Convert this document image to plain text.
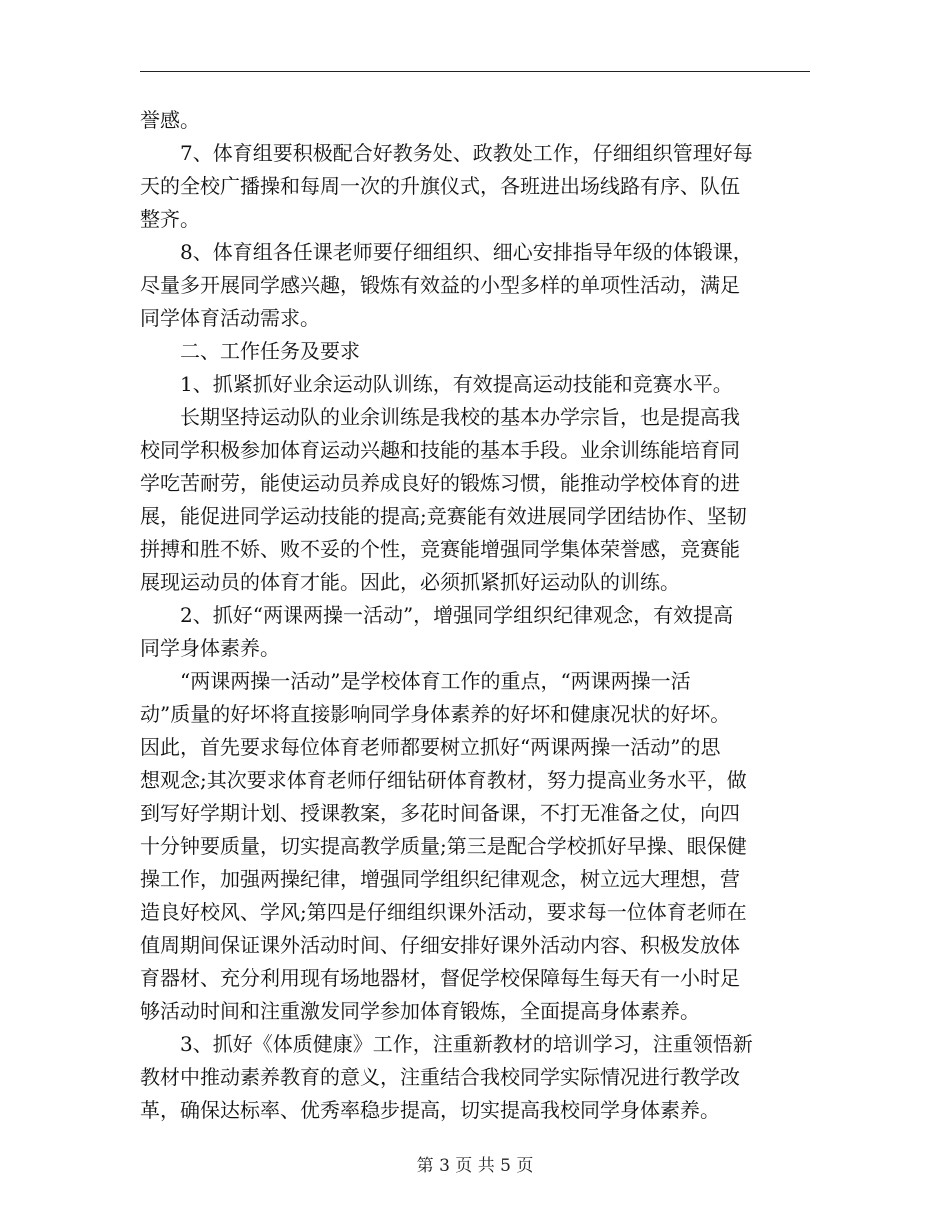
誉感。
　　7、体育组要积极配合好教务处、政教处工作，仔细组织管理好每
天的全校广播操和每周一次的升旗仪式，各班进出场线路有序、队伍
整齐。
　　8、体育组各任课老师要仔细组织、细心安排指导年级的体锻课，
尽量多开展同学感兴趣，锻炼有效益的小型多样的单项性活动，满足
同学体育活动需求。
　　二、工作任务及要求
　　1、抓紧抓好业余运动队训练，有效提高运动技能和竞赛水平。
　　长期坚持运动队的业余训练是我校的基本办学宗旨，也是提高我
校同学积极参加体育运动兴趣和技能的基本手段。业余训练能培育同
学吃苦耐劳，能使运动员养成良好的锻炼习惯，能推动学校体育的进
展，能促进同学运动技能的提高;竞赛能有效进展同学团结协作、坚韧
拼搏和胜不娇、败不妥的个性，竞赛能增强同学集体荣誉感，竞赛能
展现运动员的体育才能。因此，必须抓紧抓好运动队的训练。
　　2、抓好“两课两操一活动”，增强同学组织纪律观念，有效提高
同学身体素养。
　　“两课两操一活动”是学校体育工作的重点，“两课两操一活
动”质量的好坏将直接影响同学身体素养的好坏和健康况状的好坏。
因此，首先要求每位体育老师都要树立抓好“两课两操一活动”的思
想观念;其次要求体育老师仔细钻研体育教材，努力提高业务水平，做
到写好学期计划、授课教案，多花时间备课，不打无准备之仗，向四
十分钟要质量，切实提高教学质量;第三是配合学校抓好早操、眼保健
操工作，加强两操纪律，增强同学组织纪律观念，树立远大理想，营
造良好校风、学风;第四是仔细组织课外活动，要求每一位体育老师在
值周期间保证课外活动时间、仔细安排好课外活动内容、积极发放体
育器材、充分利用现有场地器材，督促学校保障每生每天有一小时足
够活动时间和注重激发同学参加体育锻炼，全面提高身体素养。
　　3、抓好《体质健康》工作，注重新教材的培训学习，注重领悟新
教材中推动素养教育的意义，注重结合我校同学实际情况进行教学改
革，确保达标率、优秀率稳步提高，切实提高我校同学身体素养。
第 3 页 共 5 页
